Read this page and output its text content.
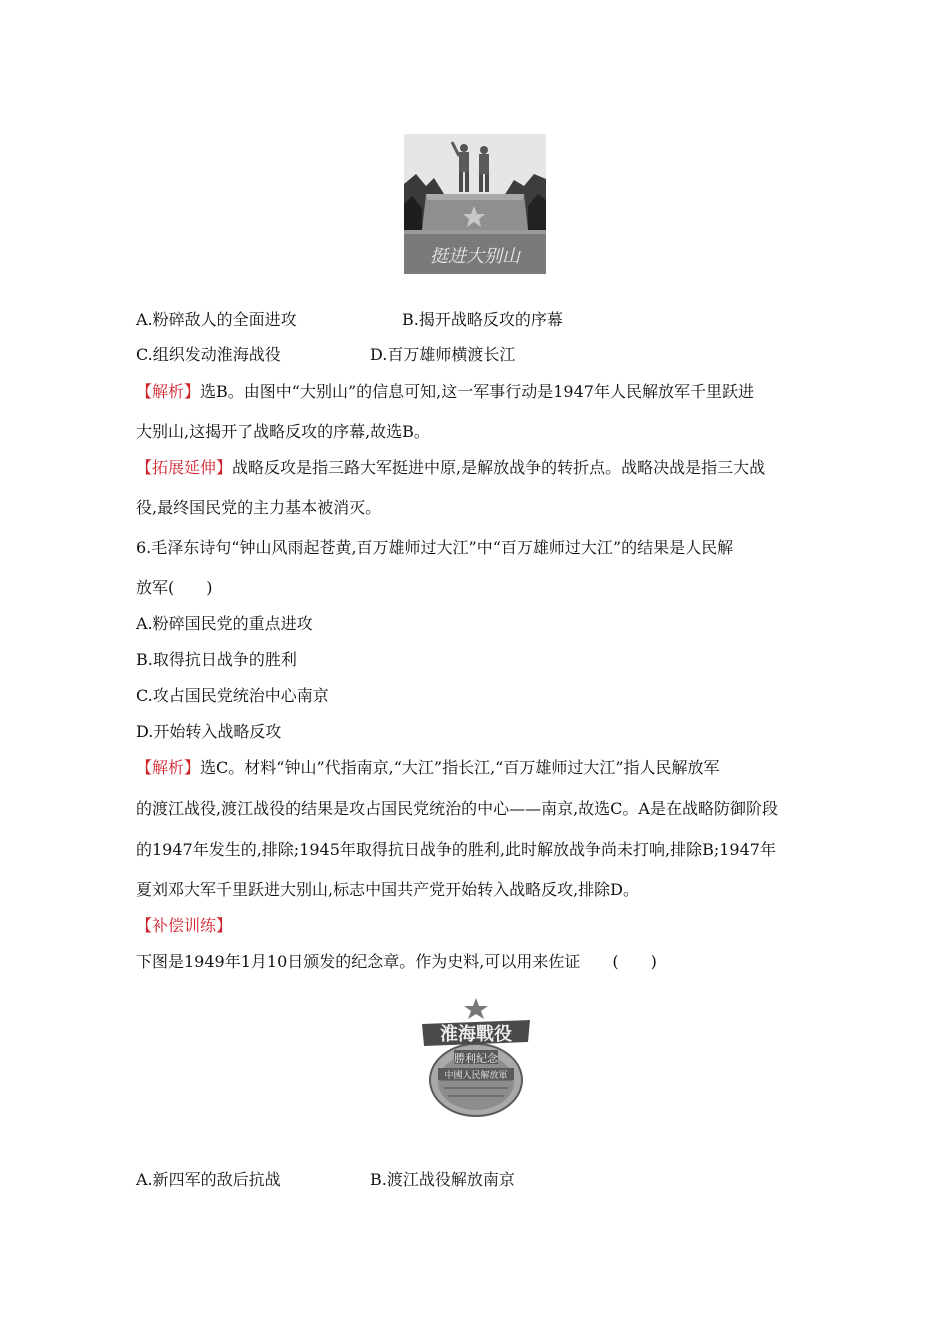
挺进大别山
A.粉碎敌人的全面进攻	B.揭开战略反攻的序幕
C.组织发动淮海战役	D.百万雄师横渡长江
【解析】选B。由图中“大别山”的信息可知,这一军事行动是1947年人民解放军千里跃进
大别山,这揭开了战略反攻的序幕,故选B。
【拓展延伸】战略反攻是指三路大军挺进中原,是解放战争的转折点。战略决战是指三大战
役,最终国民党的主力基本被消灭。
6.毛泽东诗句“钟山风雨起苍黄,百万雄师过大江”中“百万雄师过大江”的结果是人民解
放军(　　)
A.粉碎国民党的重点进攻
B.取得抗日战争的胜利
C.攻占国民党统治中心南京
D.开始转入战略反攻
【解析】选C。材料“钟山”代指南京,“大江”指长江,“百万雄师过大江”指人民解放军
的渡江战役,渡江战役的结果是攻占国民党统治的中心——南京,故选C。A是在战略防御阶段
的1947年发生的,排除;1945年取得抗日战争的胜利,此时解放战争尚未打响,排除B;1947年
夏刘邓大军千里跃进大别山,标志中国共产党开始转入战略反攻,排除D。
【补偿训练】
下图是1949年1月10日颁发的纪念章。作为史料,可以用来佐证　　(　　)
淮海戰役
勝利紀念
中國人民解放軍
A.新四军的敌后抗战	B.渡江战役解放南京
